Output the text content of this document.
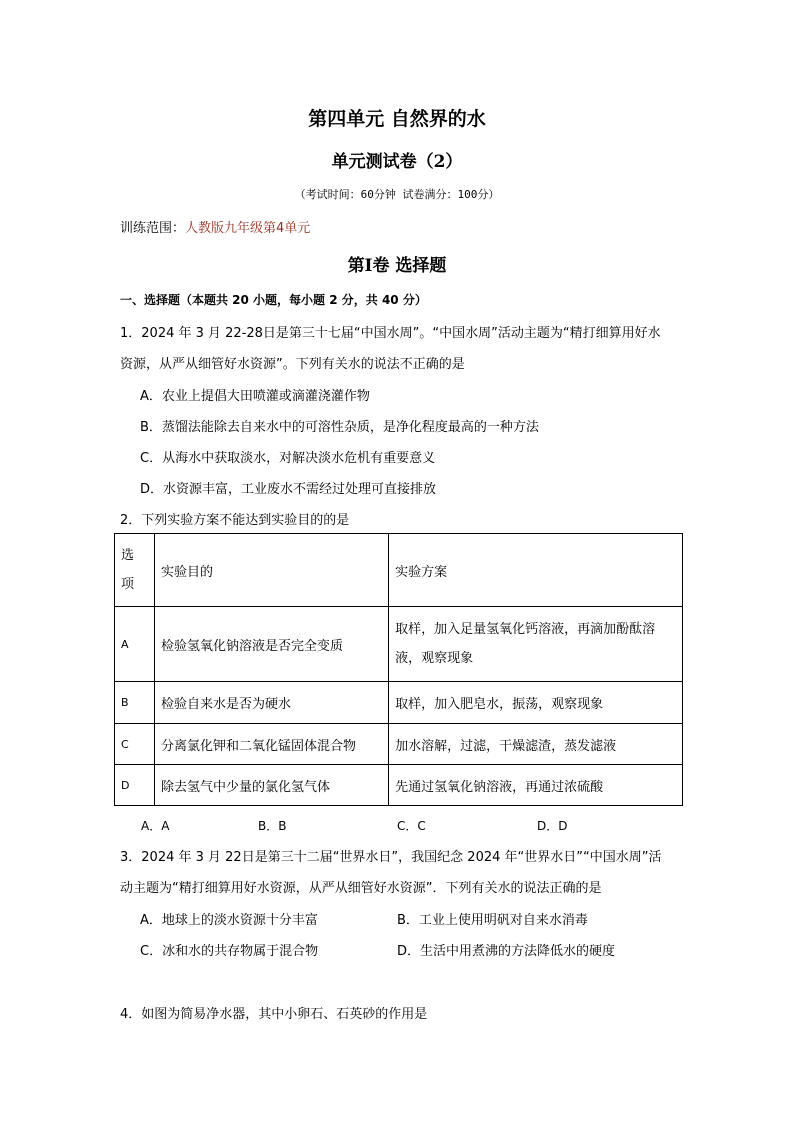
第四单元 自然界的水
单元测试卷（2）
（考试时间：60分钟 试卷满分：100分）
训练范围：人教版九年级第4单元
第Ⅰ卷 选择题
一、选择题（本题共 20 小题，每小题 2 分，共 40 分）
1．2024 年 3 月 22-28日是第三十七届“中国水周”。“中国水周”活动主题为“精打细算用好水
资源，从严从细管好水资源”。下列有关水的说法不正确的是
A．农业上提倡大田喷灌或滴灌浇灌作物
B．蒸馏法能除去自来水中的可溶性杂质，是净化程度最高的一种方法
C．从海水中获取淡水，对解决淡水危机有重要意义
D．水资源丰富，工业废水不需经过处理可直接排放
2．下列实验方案不能达到实验目的的是
选项	实验目的	实验方案
A	检验氢氧化钠溶液是否完全变质	取样，加入足量氢氧化钙溶液，再滴加酚酞溶液，观察现象
B	检验自来水是否为硬水	取样，加入肥皂水，振荡，观察现象
C	分离氯化钾和二氧化锰固体混合物	加水溶解，过滤，干燥滤渣，蒸发滤液
D	除去氢气中少量的氯化氢气体	先通过氢氧化钠溶液，再通过浓硫酸
A．A	B．B	C．C	D．D
3．2024 年 3 月 22日是第三十二届“世界水日”，我国纪念 2024 年“世界水日”“中国水周”活
动主题为“精打细算用好水资源，从严从细管好水资源”．下列有关水的说法正确的是
A．地球上的淡水资源十分丰富	B．工业上使用明矾对自来水消毒
C．冰和水的共存物属于混合物	D．生活中用煮沸的方法降低水的硬度
4．如图为简易净水器，其中小卵石、石英砂的作用是
